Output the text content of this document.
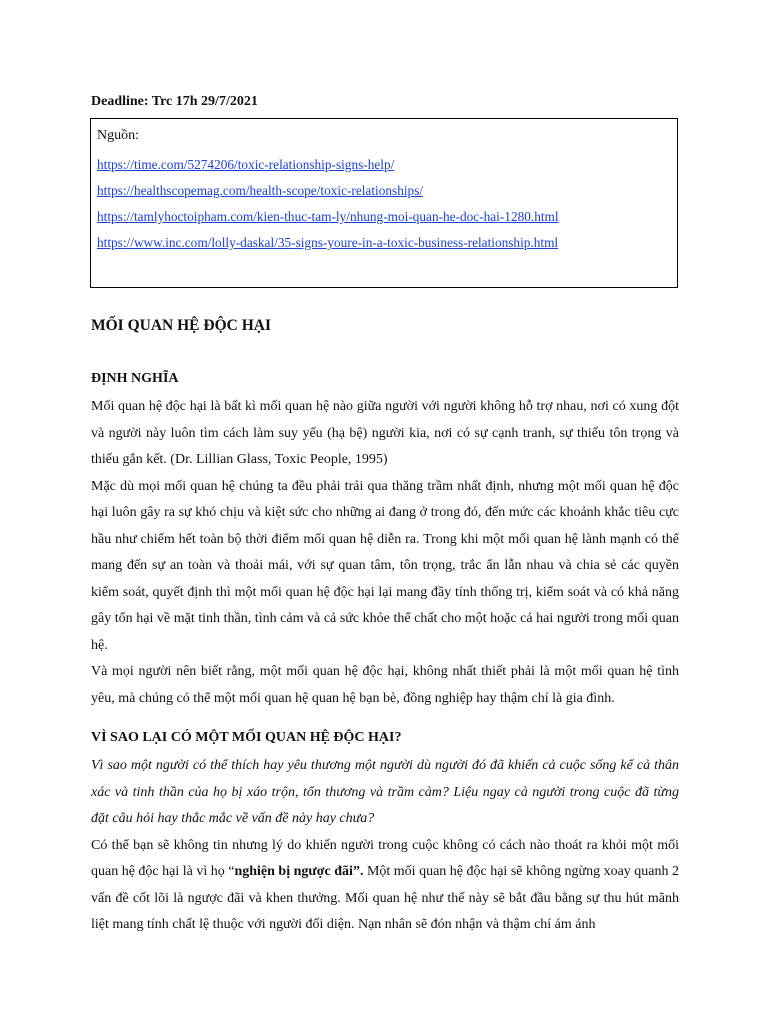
Deadline: Trc 17h 29/7/2021
Nguồn:
https://time.com/5274206/toxic-relationship-signs-help/
https://healthscopemag.com/health-scope/toxic-relationships/
https://tamlyhoctoipham.com/kien-thuc-tam-ly/nhung-moi-quan-he-doc-hai-1280.html
https://www.inc.com/lolly-daskal/35-signs-youre-in-a-toxic-business-relationship.html
MỐI QUAN HỆ ĐỘC HẠI
ĐỊNH NGHĨA

Mối quan hệ độc hại là bất kì mối quan hệ nào giữa người với người không hỗ trợ nhau, nơi có xung đột và người này luôn tìm cách làm suy yếu (hạ bệ) người kia, nơi có sự cạnh tranh, sự thiếu tôn trọng và thiếu gắn kết. (Dr. Lillian Glass, Toxic People, 1995)

Mặc dù mọi mối quan hệ chúng ta đều phải trải qua thăng trầm nhất định, nhưng một mối quan hệ độc hại luôn gây ra sự khó chịu và kiệt sức cho những ai đang ở trong đó, đến mức các khoảnh khắc tiêu cực hầu như chiếm hết toàn bộ thời điểm mối quan hệ diễn ra. Trong khi một mối quan hệ lành mạnh có thể mang đến sự an toàn và thoải mái, với sự quan tâm, tôn trọng, trắc ẩn lẫn nhau và chia sẻ các quyền kiểm soát, quyết định thì một mối quan hệ độc hại lại mang đầy tính thống trị, kiểm soát và có khả năng gây tổn hại về mặt tinh thần, tình cảm và cả sức khỏe thể chất cho một hoặc cả hai người trong mối quan hệ.

Và mọi người nên biết rằng, một mối quan hệ độc hại, không nhất thiết phải là một mối quan hệ tình yêu, mà chúng có thể một mối quan hệ quan hệ bạn bè, đồng nghiệp hay thậm chí là gia đình.

VÌ SAO LẠI CÓ MỘT MỐI QUAN HỆ ĐỘC HẠI?

Vì sao một người có thể thích hay yêu thương một người dù người đó đã khiến cả cuộc sống kể cả thân xác và tinh thần của họ bị xáo trộn, tổn thương và trầm cảm? Liệu ngay cả người trong cuộc đã từng đặt câu hỏi hay thắc mắc về vấn đề này hay chưa?

Có thể bạn sẽ không tin nhưng lý do khiến người trong cuộc không có cách nào thoát ra khỏi một mối quan hệ độc hại là vì họ “nghiện bị ngược đãi”. Một mối quan hệ độc hại sẽ không ngừng xoay quanh 2 vấn đề cốt lõi là ngược đãi và khen thưởng. Mối quan hệ như thế này sẽ bắt đầu bằng sự thu hút mãnh liệt mang tính chất lệ thuộc với người đối diện. Nạn nhân sẽ đón nhận và thậm chí ám ảnh
